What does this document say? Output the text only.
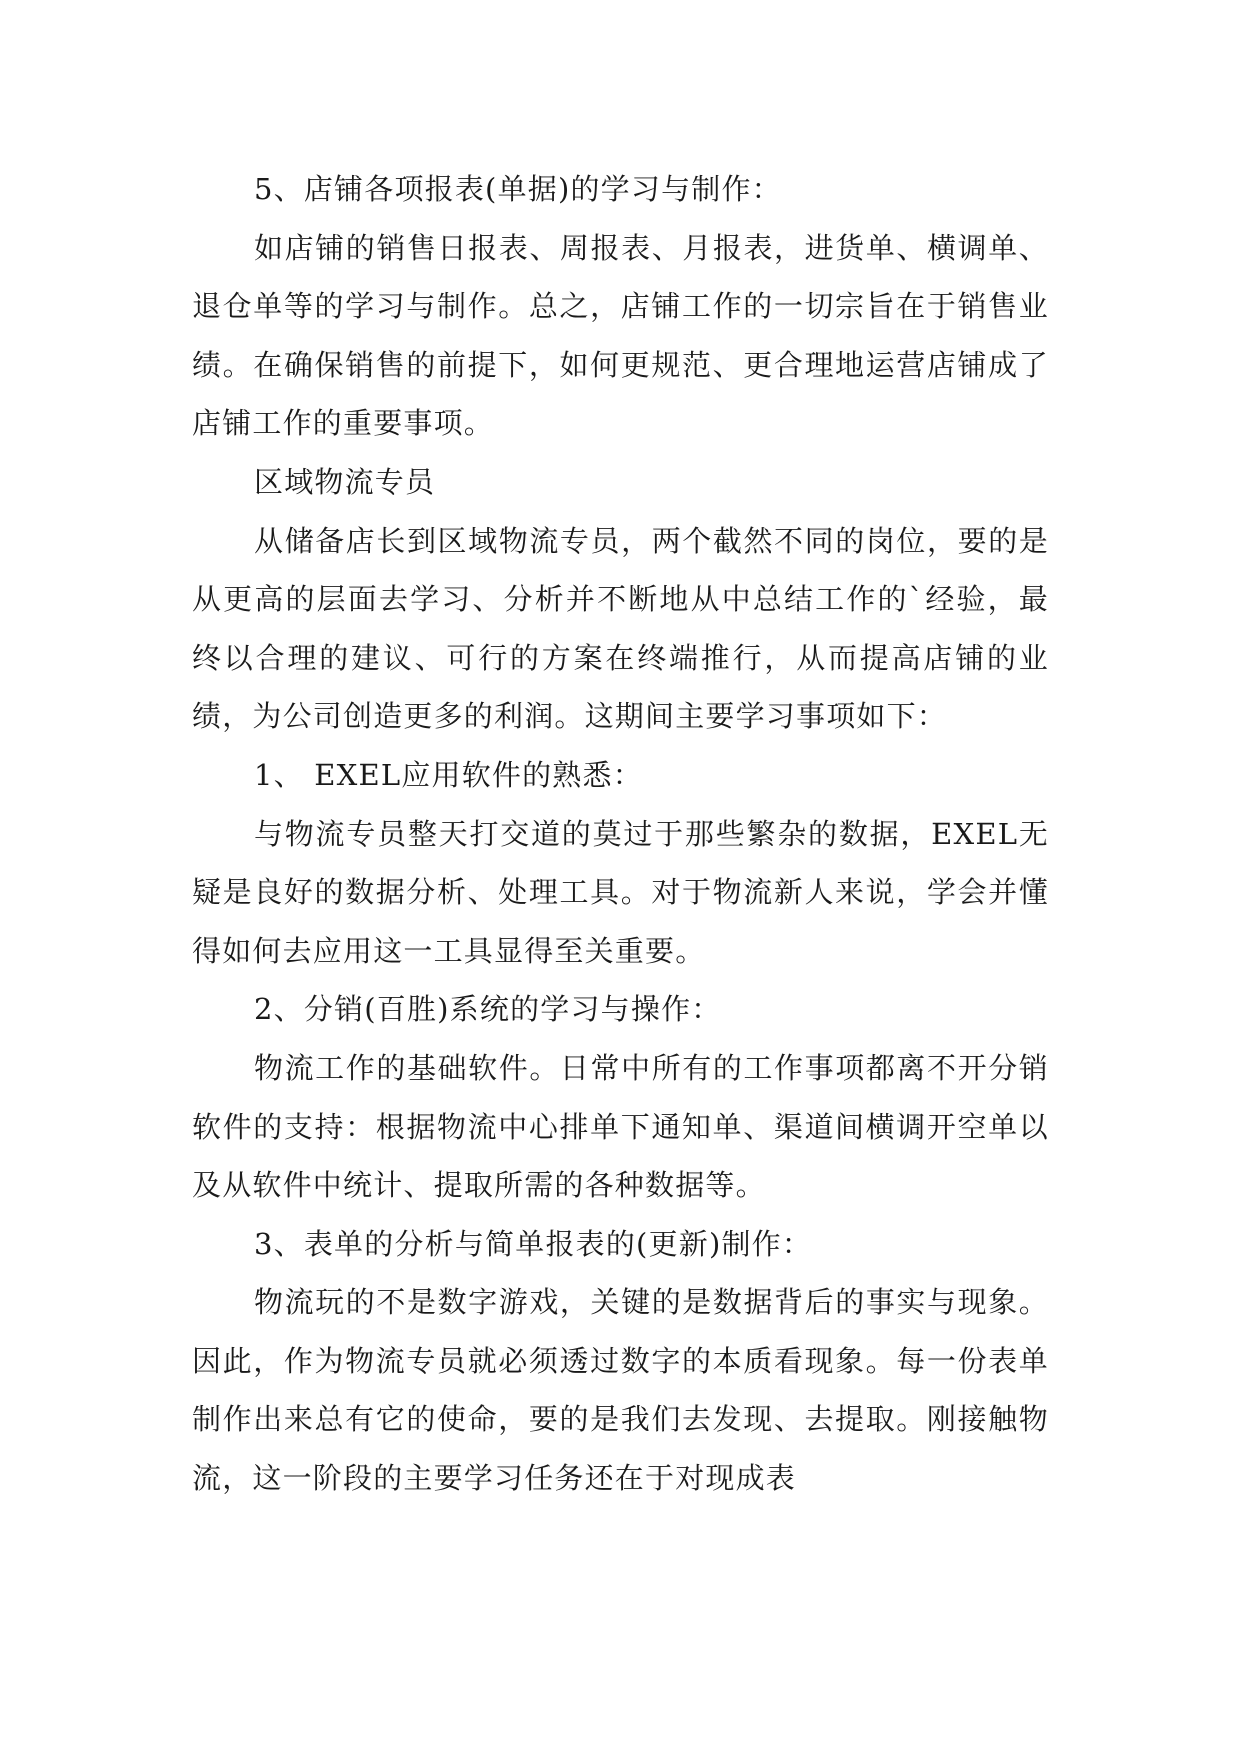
5、店铺各项报表(单据)的学习与制作：

如店铺的销售日报表、周报表、月报表，进货单、横调单、退仓单等的学习与制作。总之，店铺工作的一切宗旨在于销售业绩。在确保销售的前提下，如何更规范、更合理地运营店铺成了店铺工作的重要事项。

区域物流专员

从储备店长到区域物流专员，两个截然不同的岗位，要的是从更高的层面去学习、分析并不断地从中总结工作的`经验，最终以合理的建议、可行的方案在终端推行，从而提高店铺的业绩，为公司创造更多的利润。这期间主要学习事项如下：

1、 EXEL应用软件的熟悉：

与物流专员整天打交道的莫过于那些繁杂的数据，EXEL无疑是良好的数据分析、处理工具。对于物流新人来说，学会并懂得如何去应用这一工具显得至关重要。

2、分销(百胜)系统的学习与操作：

物流工作的基础软件。日常中所有的工作事项都离不开分销软件的支持：根据物流中心排单下通知单、渠道间横调开空单以及从软件中统计、提取所需的各种数据等。

3、表单的分析与简单报表的(更新)制作：

物流玩的不是数字游戏，关键的是数据背后的事实与现象。因此，作为物流专员就必须透过数字的本质看现象。每一份表单制作出来总有它的使命，要的是我们去发现、去提取。刚接触物流，这一阶段的主要学习任务还在于对现成表
